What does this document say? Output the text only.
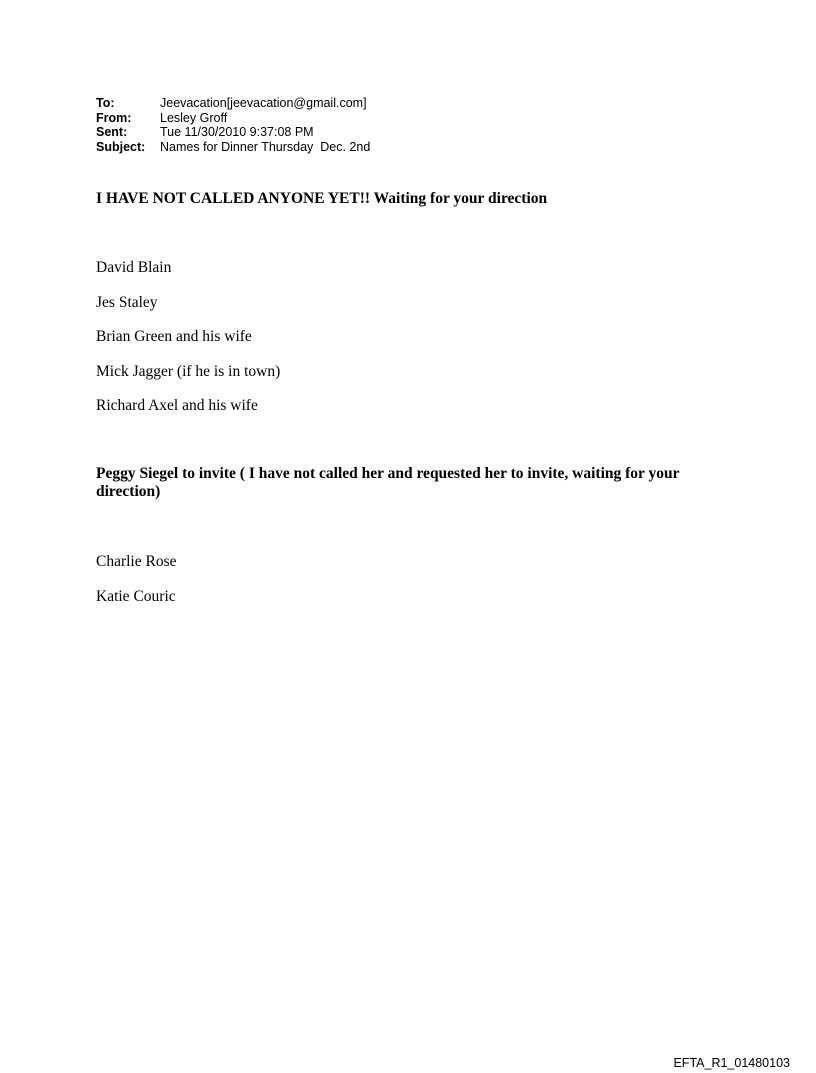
To:	Jeevacation[jeevacation@gmail.com]
From:	Lesley Groff
Sent:	Tue 11/30/2010 9:37:08 PM
Subject:	Names for Dinner Thursday  Dec. 2nd

I HAVE NOT CALLED ANYONE YET!! Waiting for your direction

David Blain
Jes Staley
Brian Green and his wife
Mick Jagger (if he is in town)
Richard Axel and his wife

Peggy Siegel to invite ( I have not called her and requested her to invite, waiting for your direction)

Charlie Rose
Katie Couric
EFTA_R1_01480103
